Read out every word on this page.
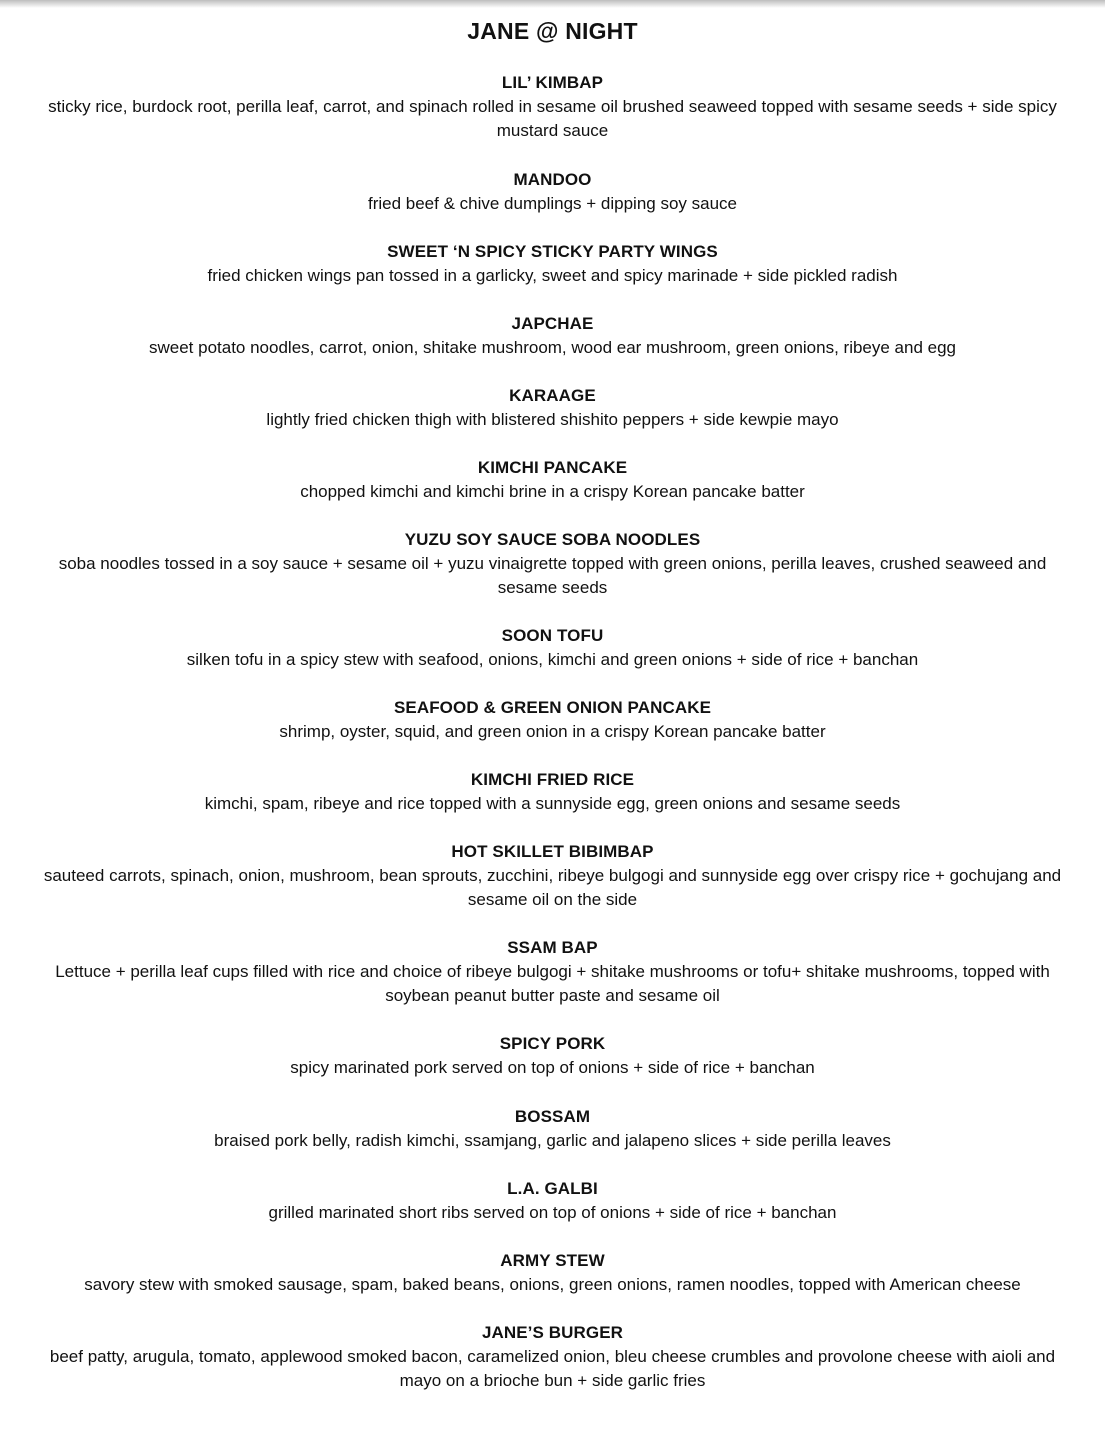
JANE @ NIGHT
LIL’ KIMBAP
sticky rice, burdock root, perilla leaf, carrot, and spinach rolled in sesame oil brushed seaweed topped with sesame seeds + side spicy mustard sauce
MANDOO
fried beef & chive dumplings + dipping soy sauce
SWEET ‘N SPICY STICKY PARTY WINGS
fried chicken wings pan tossed in a garlicky, sweet and spicy marinade + side pickled radish
JAPCHAE
sweet potato noodles, carrot, onion, shitake mushroom, wood ear mushroom, green onions, ribeye and egg
KARAAGE
lightly fried chicken thigh with blistered shishito peppers + side kewpie mayo
KIMCHI PANCAKE
chopped kimchi and kimchi brine in a crispy Korean pancake batter
YUZU SOY SAUCE SOBA NOODLES
soba noodles tossed in a soy sauce + sesame oil + yuzu vinaigrette topped with green onions, perilla leaves, crushed seaweed and sesame seeds
SOON TOFU
silken tofu in a spicy stew with seafood, onions, kimchi and green onions + side of rice + banchan
SEAFOOD & GREEN ONION PANCAKE
shrimp, oyster, squid, and green onion in a crispy Korean pancake batter
KIMCHI FRIED RICE
kimchi, spam, ribeye and rice topped with a sunnyside egg, green onions and sesame seeds
HOT SKILLET BIBIMBAP
sauteed carrots, spinach, onion, mushroom, bean sprouts, zucchini, ribeye bulgogi and sunnyside egg over crispy rice + gochujang and sesame oil on the side
SSAM BAP
Lettuce + perilla leaf cups filled with rice and choice of ribeye bulgogi + shitake mushrooms or tofu+ shitake mushrooms, topped with soybean peanut butter paste and sesame oil
SPICY PORK
spicy marinated pork served on top of onions + side of rice + banchan
BOSSAM
braised pork belly, radish kimchi, ssamjang, garlic and jalapeno slices + side perilla leaves
L.A. GALBI
grilled marinated short ribs served on top of onions + side of rice + banchan
ARMY STEW
savory stew with smoked sausage, spam, baked beans, onions, green onions, ramen noodles, topped with American cheese
JANE’S BURGER
beef patty, arugula, tomato, applewood smoked bacon, caramelized onion, bleu cheese crumbles and provolone cheese with aioli and mayo on a brioche bun + side garlic fries
